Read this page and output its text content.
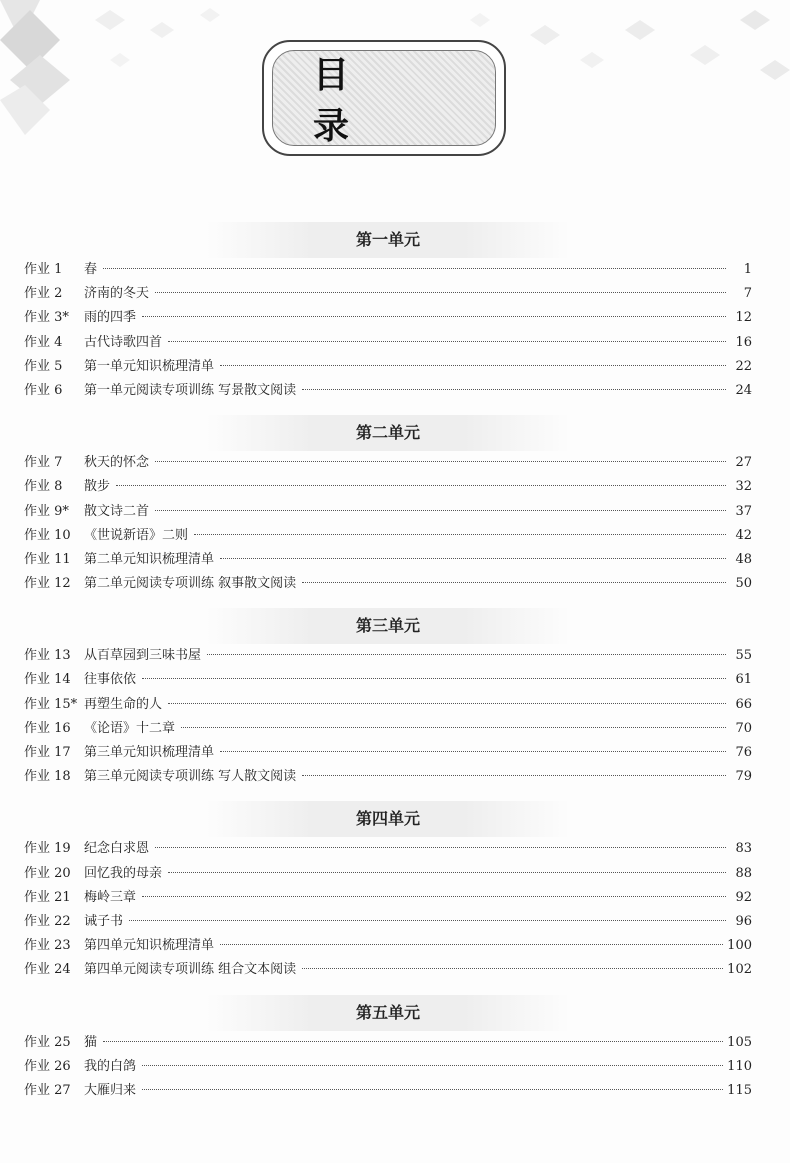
目 录
第一单元
作业 1	春	1
作业 2	济南的冬天	7
作业 3*	雨的四季	12
作业 4	古代诗歌四首	16
作业 5	第一单元知识梳理清单	22
作业 6	第一单元阅读专项训练 写景散文阅读	24
第二单元
作业 7	秋天的怀念	27
作业 8	散步	32
作业 9*	散文诗二首	37
作业 10	《世说新语》二则	42
作业 11	第二单元知识梳理清单	48
作业 12	第二单元阅读专项训练 叙事散文阅读	50
第三单元
作业 13	从百草园到三味书屋	55
作业 14	往事依依	61
作业 15* 再塑生命的人	66
作业 16	《论语》十二章	70
作业 17	第三单元知识梳理清单	76
作业 18	第三单元阅读专项训练 写人散文阅读	79
第四单元
作业 19	纪念白求恩	83
作业 20	回忆我的母亲	88
作业 21	梅岭三章	92
作业 22	诫子书	96
作业 23	第四单元知识梳理清单	100
作业 24	第四单元阅读专项训练 组合文本阅读	102
第五单元
作业 25	猫	105
作业 26	我的白鸽	110
作业 27	大雁归来	115
